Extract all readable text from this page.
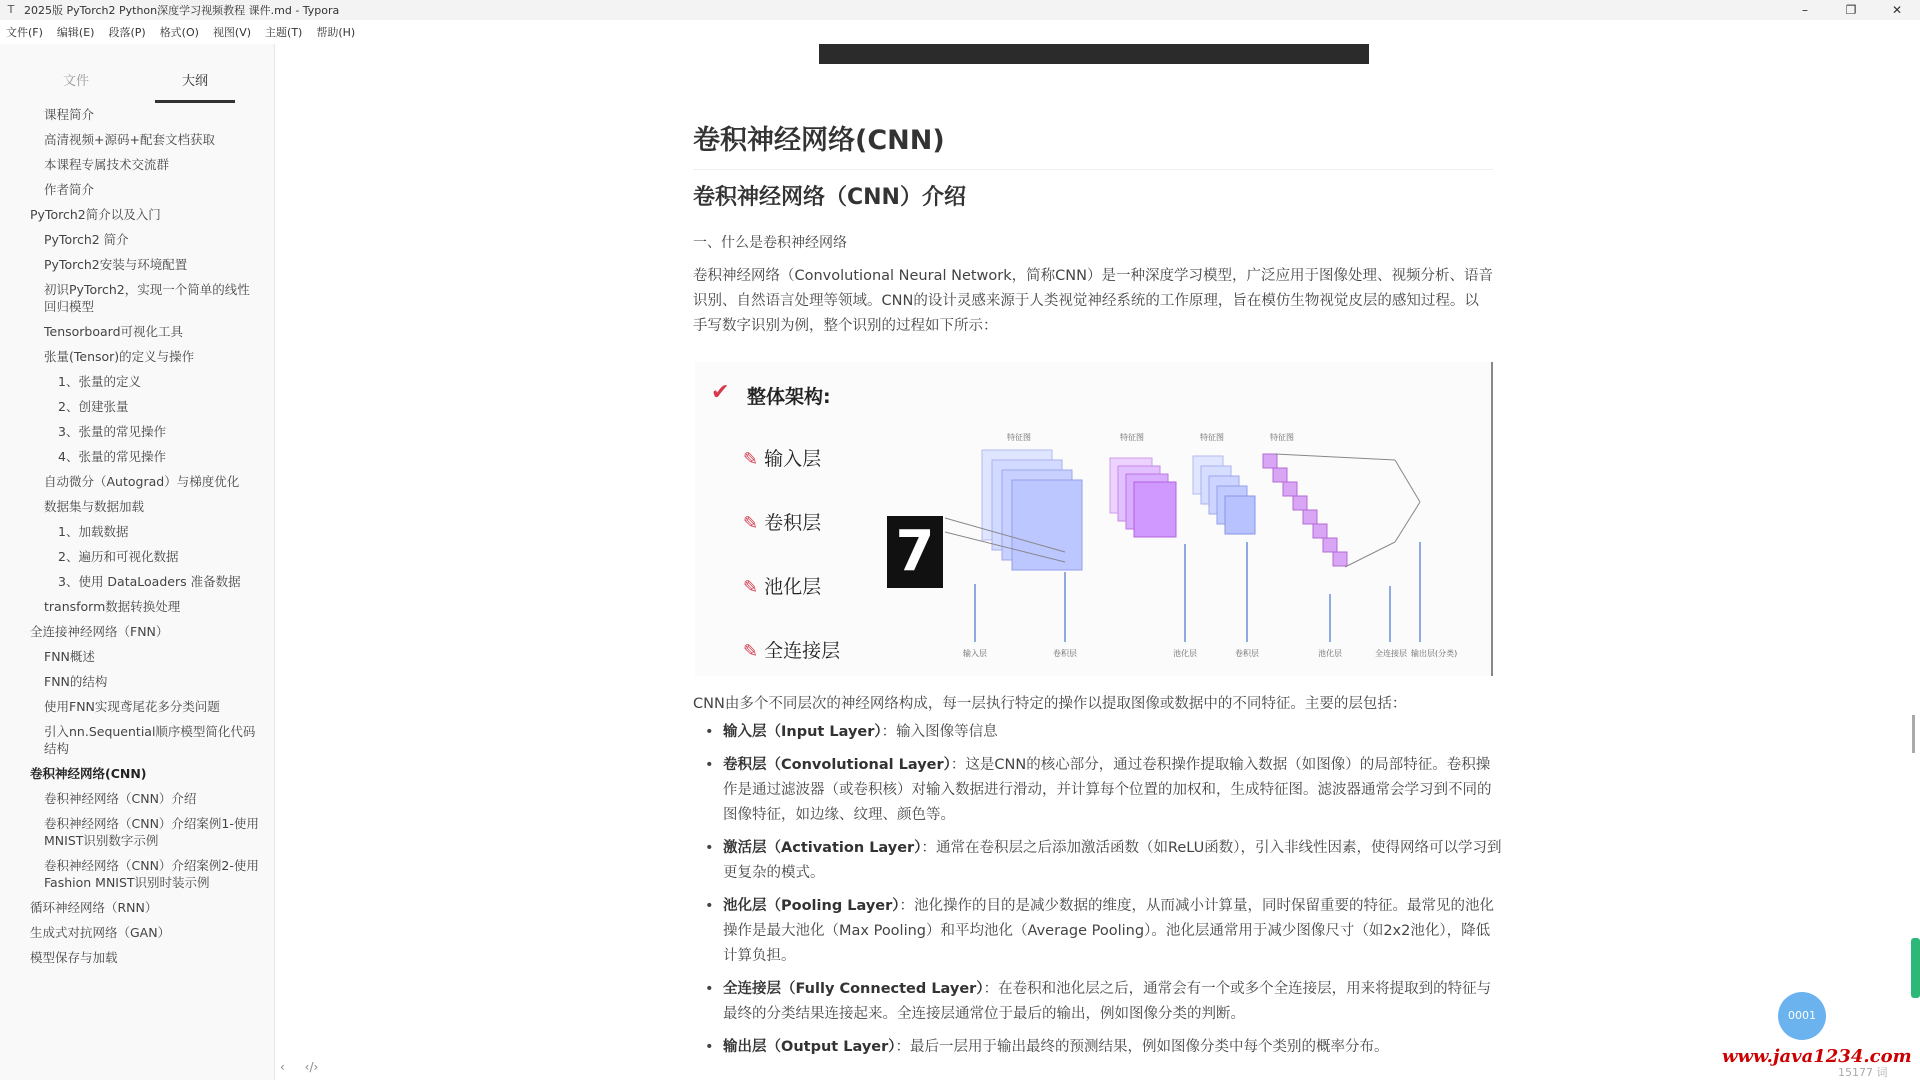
T 2025版 PyTorch2 Python深度学习视频教程 课件.md - Typora	–	❐	✕
文件(F) 编辑(E) 段落(P) 格式(O) 视图(V) 主题(T) 帮助(H)
文件	大纲
课程简介
高清视频+源码+配套文档获取
本课程专属技术交流群
作者简介
PyTorch2简介以及入门
PyTorch2 简介
PyTorch2安装与环境配置
初识PyTorch2，实现一个简单的线性回归模型
Tensorboard可视化工具
张量(Tensor)的定义与操作
1、张量的定义
2、创建张量
3、张量的常见操作
4、张量的常见操作
自动微分（Autograd）与梯度优化
数据集与数据加载
1、加载数据
2、遍历和可视化数据
3、使用 DataLoaders 准备数据
transform数据转换处理
全连接神经网络（FNN）
FNN概述
FNN的结构
使用FNN实现鸢尾花多分类问题
引入nn.Sequential顺序模型简化代码结构
卷积神经网络(CNN)
卷积神经网络（CNN）介绍
卷积神经网络（CNN）介绍案例1-使用MNIST识别数字示例
卷积神经网络（CNN）介绍案例2-使用Fashion MNIST识别时装示例
循环神经网络（RNN）
生成式对抗网络（GAN）
模型保存与加载
‹ ‹/›
卷积神经网络(CNN)
卷积神经网络（CNN）介绍
一、什么是卷积神经网络
卷积神经网络（Convolutional Neural Network，简称CNN）是一种深度学习模型，广泛应用于图像处理、视频分析、语音识别、自然语言处理等领域。CNN的设计灵感来源于人类视觉神经系统的工作原理，旨在模仿生物视觉皮层的感知过程。以手写数字识别为例，整个识别的过程如下所示：
✔ 整体架构:
✎ 输入层
✎ 卷积层
✎ 池化层
✎ 全连接层
7
特征图	特征图	特征图	特征图
输入层	卷积层	池化层	卷积层	池化层	全连接层 输出层(分类)
CNN由多个不同层次的神经网络构成，每一层执行特定的操作以提取图像或数据中的不同特征。主要的层包括：
• 输入层（Input Layer）：输入图像等信息
• 卷积层（Convolutional Layer）：这是CNN的核心部分，通过卷积操作提取输入数据（如图像）的局部特征。卷积操作是通过滤波器（或卷积核）对输入数据进行滑动，并计算每个位置的加权和，生成特征图。滤波器通常会学习到不同的图像特征，如边缘、纹理、颜色等。
• 激活层（Activation Layer）：通常在卷积层之后添加激活函数（如ReLU函数），引入非线性因素，使得网络可以学习到更复杂的模式。
• 池化层（Pooling Layer）：池化操作的目的是减少数据的维度，从而减小计算量，同时保留重要的特征。最常见的池化操作是最大池化（Max Pooling）和平均池化（Average Pooling）。池化层通常用于减少图像尺寸（如2x2池化），降低计算负担。
• 全连接层（Fully Connected Layer）：在卷积和池化层之后，通常会有一个或多个全连接层，用来将提取到的特征与最终的分类结果连接起来。全连接层通常位于最后的输出，例如图像分类的判断。
• 输出层（Output Layer）：最后一层用于输出最终的预测结果，例如图像分类中每个类别的概率分布。
0001
www.java1234.com
15177 词
